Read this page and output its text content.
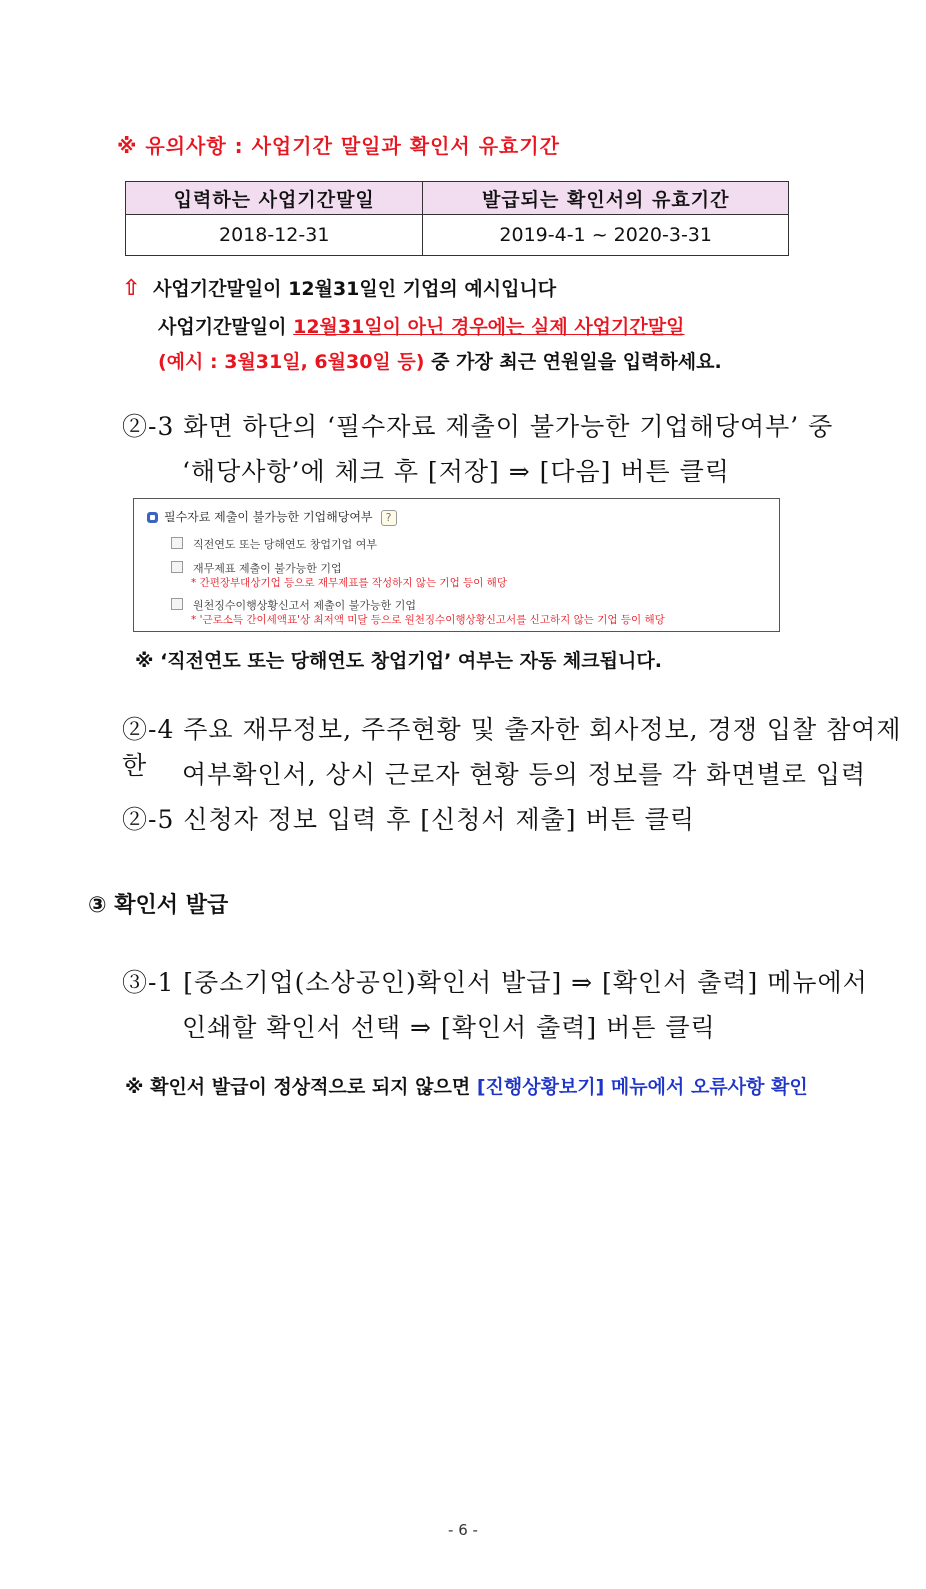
※ 유의사항 : 사업기간 말일과 확인서 유효기간
입력하는 사업기간말일	발급되는 확인서의 유효기간
2018-12-31	2019-4-1 ~ 2020-3-31
⇧ 사업기간말일이 12월31일인 기업의 예시입니다
사업기간말일이 12월31일이 아닌 경우에는 실제 사업기간말일
(예시 : 3월31일, 6월30일 등) 중 가장 최근 연원일을 입력하세요.
②-3 화면 하단의 ‘필수자료 제출이 불가능한 기업해당여부’ 중
‘해당사항’에 체크 후 [저장] ⇒ [다음] 버튼 클릭
필수자료 제출이 불가능한 기업해당여부 ?
직전연도 또는 당해연도 창업기업 여부
재무제표 제출이 불가능한 기업
* 간편장부대상기업 등으로 재무제표를 작성하지 않는 기업 등이 해당
원천징수이행상황신고서 제출이 불가능한 기업
* '근로소득 간이세액표'상 최저액 미달 등으로 원천징수이행상황신고서를 신고하지 않는 기업 등이 해당
※ ‘직전연도 또는 당해연도 창업기업’ 여부는 자동 체크됩니다.
②-4 주요 재무정보, 주주현황 및 출자한 회사정보, 경쟁 입찰 참여제한	여부확인서, 상시 근로자 현황 등의 정보를 각 화면별로 입력
②-5 신청자 정보 입력 후 [신청서 제출] 버튼 클릭
③ 확인서 발급
③-1 [중소기업(소상공인)확인서 발급] ⇒ [확인서 출력] 메뉴에서
인쇄할 확인서 선택 ⇒ [확인서 출력] 버튼 클릭
※ 확인서 발급이 정상적으로 되지 않으면 [진행상황보기] 메뉴에서 오류사항 확인
- 6 -
